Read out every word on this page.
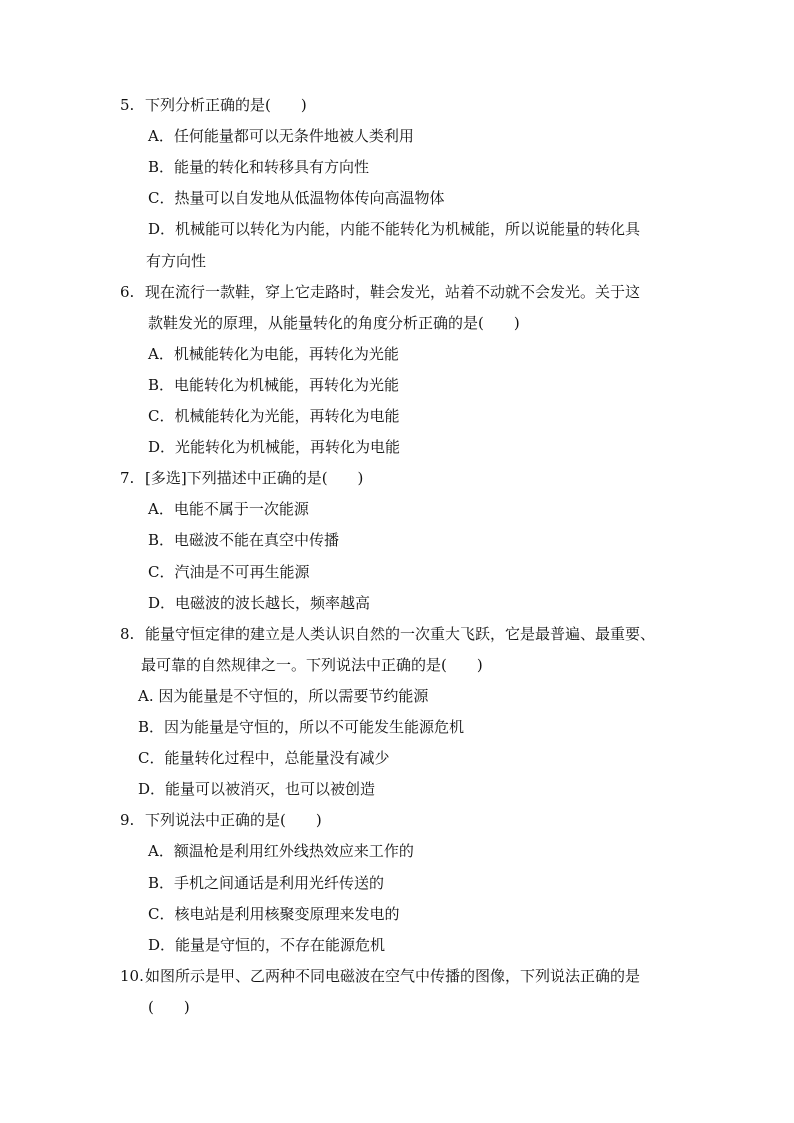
5. 下列分析正确的是(　　)
A．任何能量都可以无条件地被人类利用
B．能量的转化和转移具有方向性
C．热量可以自发地从低温物体传向高温物体
D．机械能可以转化为内能，内能不能转化为机械能，所以说能量的转化具
有方向性
6. 现在流行一款鞋，穿上它走路时，鞋会发光，站着不动就不会发光。关于这
款鞋发光的原理，从能量转化的角度分析正确的是(　　)
A．机械能转化为电能，再转化为光能
B．电能转化为机械能，再转化为光能
C．机械能转化为光能，再转化为电能
D．光能转化为机械能，再转化为电能
7. [多选]下列描述中正确的是(　　)
A．电能不属于一次能源
B．电磁波不能在真空中传播
C．汽油是不可再生能源
D．电磁波的波长越长，频率越高
8. 能量守恒定律的建立是人类认识自然的一次重大飞跃，它是最普遍、最重要、
最可靠的自然规律之一。下列说法中正确的是(　　)
A. 因为能量是不守恒的，所以需要节约能源
B．因为能量是守恒的，所以不可能发生能源危机
C．能量转化过程中，总能量没有减少
D．能量可以被消灭，也可以被创造
9. 下列说法中正确的是(　　)
A．额温枪是利用红外线热效应来工作的
B．手机之间通话是利用光纤传送的
C．核电站是利用核聚变原理来发电的
D．能量是守恒的，不存在能源危机
10. 如图所示是甲、乙两种不同电磁波在空气中传播的图像，下列说法正确的是
(　　)
